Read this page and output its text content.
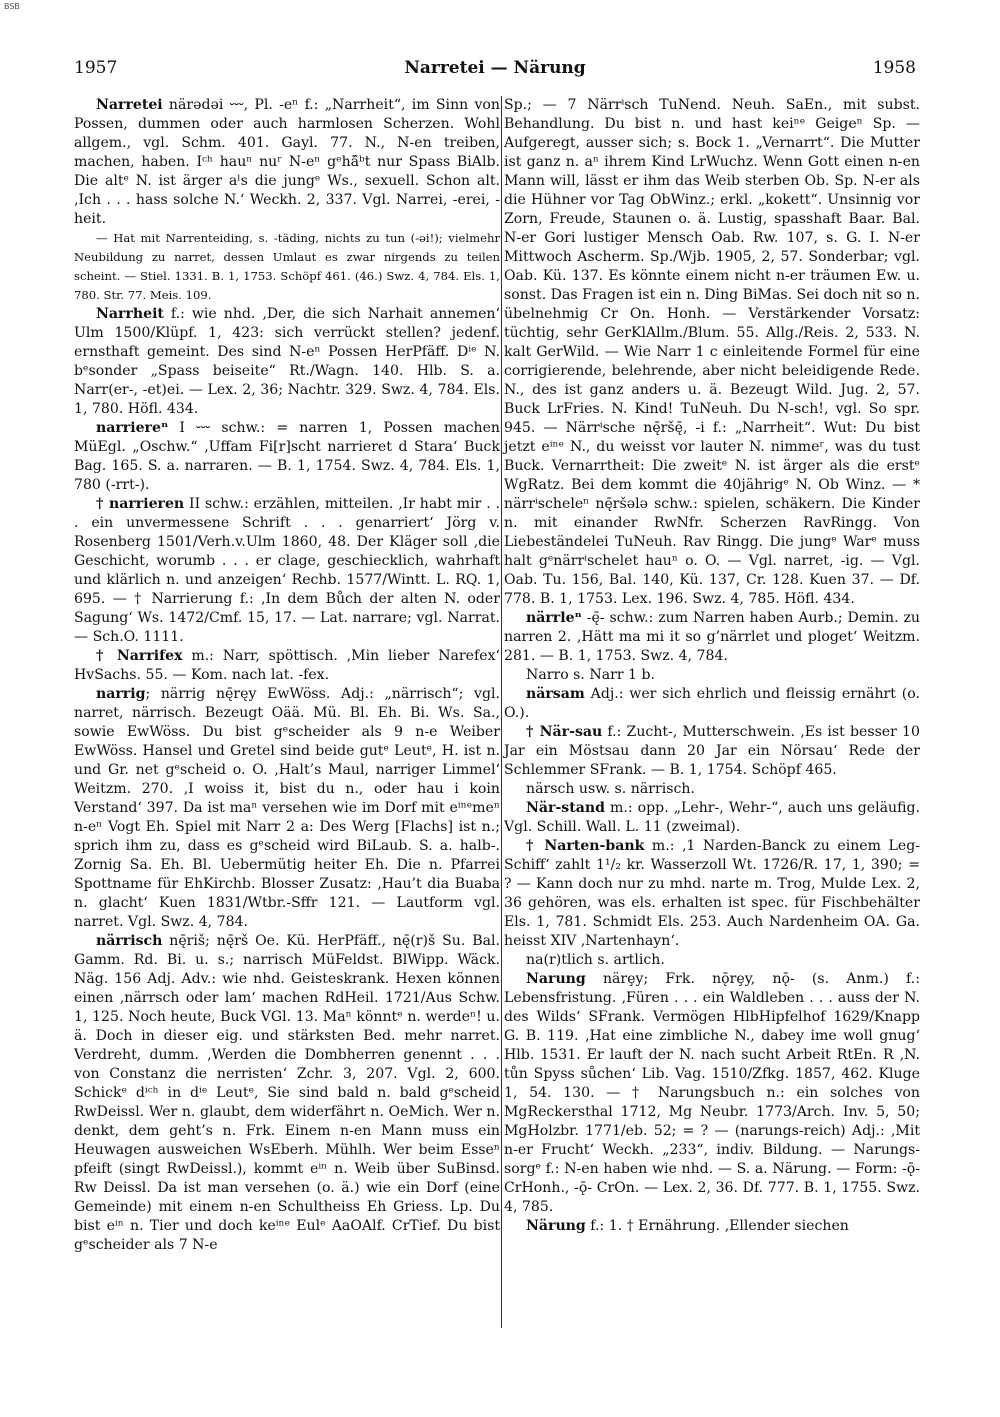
BSB
1957	Narretei — Närung	1958

Narretei närədəi ⏑⏑⏑, Pl. -eⁿ f.: „Narrheit“, im Sinn von Possen, dummen oder auch harmlosen Scherzen. Wohl allgem., vgl. Schm. 401. Gayl. 77. N., N-en treiben, machen, haben. Iᶜʰ hauⁿ nuʳ N-eⁿ gᵉhä̂ᵇt nur Spass BiAlb. Die altᵉ N. ist ärger aˡs die jungᵉ Ws., sexuell. Schon alt. ‚Ich . . . hass solche N.‘ Weckh. 2, 337. Vgl. Narrei, -erei, -heit.

— Hat mit Narrenteiding, s. -täding, nichts zu tun (-əi!); vielmehr Neubildung zu narret, dessen Umlaut es zwar nirgends zu teilen scheint. — Stiel. 1331. B. 1, 1753. Schöpf 461. (46.) Swz. 4, 784. Els. 1, 780. Str. 77. Meis. 109.

Narrheit f.: wie nhd. ‚Der, die sich Narhait annemen‘ Ulm 1500/Klüpf. 1, 423: sich verrückt stellen? jedenf. ernsthaft gemeint. Des sind N-eⁿ Possen HerPfäff. Dⁱᵉ N. bᵉsonder „Spass beiseite“ Rt./Wagn. 140. Hlb. S. a. Narr(er-, -et)ei. — Lex. 2, 36; Nachtr. 329. Swz. 4, 784. Els. 1, 780. Höfl. 434.

narriereⁿ I ⏑⏑⏑ schw.: = narren 1, Possen machen MüEgl. „Oschw.“ ‚Uffam Fi[r]scht narrieret d Stara‘ Buck Bag. 165. S. a. narraren. — B. 1, 1754. Swz. 4, 784. Els. 1, 780 (-rrt-).

† narrieren II schw.: erzählen, mitteilen. ‚Ir habt mir . . . ein unvermessene Schrift . . . genarriert‘ Jörg v. Rosenberg 1501/Verh.v.Ulm 1860, 48. Der Kläger soll ‚die Geschicht, worumb . . . er clage, geschiecklich, wahrhaft und klärlich n. und anzeigen‘ Rechb. 1577/Wintt. L. RQ. 1, 695. — † Narrierung f.: ‚In dem Bůch der alten N. oder Sagung‘ Ws. 1472/Cmf. 15, 17. — Lat. narrare; vgl. Narrat. — Sch.O. 1111.

† Narrifex m.: Narr, spöttisch. ‚Min lieber Narefex‘ HvSachs. 55. — Kom. nach lat. -fex.

narrig; närrig nę̄ręy EwWöss. Adj.: „närrisch“; vgl. narret, närrisch. Bezeugt Oää. Mü. Bl. Eh. Bi. Ws. Sa., sowie EwWöss. Du bist gᵉscheider als 9 n-e Weiber EwWöss. Hansel und Gretel sind beide gutᵉ Leutᵉ, H. ist n. und Gr. net gᵉscheid o. O. ‚Halt’s Maul, narriger Limmel‘ Weitzm. 270. ‚I woiss it, bist du n., oder hau i koin Verstand‘ 397. Da ist maⁿ versehen wie im Dorf mit eⁱⁿᵉmeⁿ n-eⁿ Vogt Eh. Spiel mit Narr 2 a: Des Werg [Flachs] ist n.; sprich ihm zu, dass es gᵉscheid wird BiLaub. S. a. halb-. Zornig Sa. Eh. Bl. Uebermütig heiter Eh. Die n. Pfarrei Spottname für EhKirchb. Blosser Zusatz: ‚Hau’t dia Buaba n. glacht‘ Kuen 1831/Wtbr.-Sffr 121. — Lautform vgl. narret. Vgl. Swz. 4, 784.

närrisch nę̄riš; nę̄rš Oe. Kü. HerPfäff., nę̄(r)š Su. Bal. Gamm. Rd. Bi. u. s.; narrisch MüFeldst. BlWipp. Wäck. Näg. 156 Adj. Adv.: wie nhd. Geisteskrank. Hexen können einen ‚närrsch oder lam‘ machen RdHeil. 1721/Aus Schw. 1, 125. Noch heute, Buck VGl. 13. Maⁿ könntᵉ n. werdeⁿ! u. ä. Doch in dieser eig. und stärksten Bed. mehr narret. Verdreht, dumm. ‚Werden die Dombherren genennt . . . von Constanz die nerristen‘ Zchr. 3, 207. Vgl. 2, 600. Schickᵉ dⁱᶜʰ in dⁱᵉ Leutᵉ, Sie sind bald n. bald gᵉscheid RwDeissl. Wer n. glaubt, dem widerfährt n. OeMich. Wer n. denkt, dem geht’s n. Frk. Einem n-en Mann muss ein Heuwagen ausweichen WsEberh. Mühlh. Wer beim Esseⁿ pfeift (singt RwDeissl.), kommt eⁱⁿ n. Weib über SuBinsd. Rw Deissl. Da ist man versehen (o. ä.) wie ein Dorf (eine Gemeinde) mit einem n-en Schultheiss Eh Griess. Lp. Du bist eⁱⁿ n. Tier und doch keⁱⁿᵉ Eulᵉ AaOAlf. CrTief. Du bist gᵉscheider als 7 N-e

Sp.; — 7 Närrⁱsch TuNend. Neuh. SaEn., mit subst. Behandlung. Du bist n. und hast keiⁿᵉ Geigeⁿ Sp. — Aufgeregt, ausser sich; s. Bock 1. „Vernarrt“. Die Mutter ist ganz n. aⁿ ihrem Kind LrWuchz. Wenn Gott einen n-en Mann will, lässt er ihm das Weib sterben Ob. Sp. N-er als die Hühner vor Tag ObWinz.; erkl. „kokett“. Unsinnig vor Zorn, Freude, Staunen o. ä. Lustig, spasshaft Baar. Bal. N-er Gori lustiger Mensch Oab. Rw. 107, s. G. I. N-er Mittwoch Ascherm. Sp./Wjb. 1905, 2, 57. Sonderbar; vgl. Oab. Kü. 137. Es könnte einem nicht n-er träumen Ew. u. sonst. Das Fragen ist ein n. Ding BiMas. Sei doch nit so n. übelnehmig Cr On. Honh. — Verstärkender Vorsatz: tüchtig, sehr GerKlAllm./Blum. 55. Allg./Reis. 2, 533. N. kalt GerWild. — Wie Narr 1 c einleitende Formel für eine corrigierende, belehrende, aber nicht beleidigende Rede. N., des ist ganz anders u. ä. Bezeugt Wild. Jug. 2, 57. Buck LrFries. N. Kind! TuNeuh. Du N-sch!, vgl. So spr. 945. — Närrⁱsche nę̄ršę̄, -i f.: „Narrheit“. Wut: Du bist jetzt eⁱⁿᵉ N., du weisst vor lauter N. nimmeʳ, was du tust Buck. Vernarrtheit: Die zweitᵉ N. ist ärger als die erstᵉ WgRatz. Bei dem kommt die 40jährigᵉ N. Ob Winz. — * närrⁱscheleⁿ nę̄ršələ schw.: spielen, schäkern. Die Kinder n. mit einander RwNfr. Scherzen RavRingg. Von Liebeständelei TuNeuh. Rav Ringg. Die jungᵉ Warᵉ muss halt gᵉnärrⁱschelet hauⁿ o. O. — Vgl. narret, -ig. — Vgl. Oab. Tu. 156, Bal. 140, Kü. 137, Cr. 128. Kuen 37. — Df. 778. B. 1, 1753. Lex. 196. Swz. 4, 785. Höfl. 434.

närrleⁿ -ę̄- schw.: zum Narren haben Aurb.; Demin. zu narren 2. ‚Hätt ma mi it so g’närrlet und ploget‘ Weitzm. 281. — B. 1, 1753. Swz. 4, 784.

Narro s. Narr 1 b.

närsam Adj.: wer sich ehrlich und fleissig ernährt (o. O.).

† När-sau f.: Zucht-, Mutterschwein. ‚Es ist besser 10 Jar ein Möstsau dann 20 Jar ein Nörsau‘ Rede der Schlemmer SFrank. — B. 1, 1754. Schöpf 465.

närsch usw. s. närrisch.

När-stand m.: opp. „Lehr-, Wehr-“, auch uns geläufig. Vgl. Schill. Wall. L. 11 (zweimal).

† Narten-bank m.: ‚1 Narden-Banck zu einem Leg-Schiff‘ zahlt 1¹/₂ kr. Wasserzoll Wt. 1726/R. 17, 1, 390; = ? — Kann doch nur zu mhd. narte m. Trog, Mulde Lex. 2, 36 gehören, was els. erhalten ist spec. für Fischbehälter Els. 1, 781. Schmidt Els. 253. Auch Nardenheim OA. Ga. heisst XIV ‚Nartenhayn‘.

na(r)tlich s. artlich.

Narung närȩy; Frk. nǭrȩy, nǭ- (s. Anm.) f.: Lebensfristung. ‚Füren . . . ein Waldleben . . . auss der N. des Wilds‘ SFrank. Vermögen HlbHipfelhof 1629/Knapp G. B. 119. ‚Hat eine zimbliche N., dabey ime woll gnug‘ Hlb. 1531. Er lauft der N. nach sucht Arbeit RtEn. R ‚N. tůn Spyss sůchen‘ Lib. Vag. 1510/Zfkg. 1857, 462. Kluge 1, 54. 130. — † Narungsbuch n.: ein solches von MgReckersthal 1712, Mg Neubr. 1773/Arch. Inv. 5, 50; MgHolzbr. 1771/eb. 52; = ? — (narungs-reich) Adj.: ‚Mit n-er Frucht‘ Weckh. „233“, indiv. Bildung. — Narungs-sorgᵉ f.: N-en haben wie nhd. — S. a. Närung. — Form: -ǭ- CrHonh., -ǭ- CrOn. — Lex. 2, 36. Df. 777. B. 1, 1755. Swz. 4, 785.

Närung f.: 1. † Ernährung. ‚Ellender siechen
